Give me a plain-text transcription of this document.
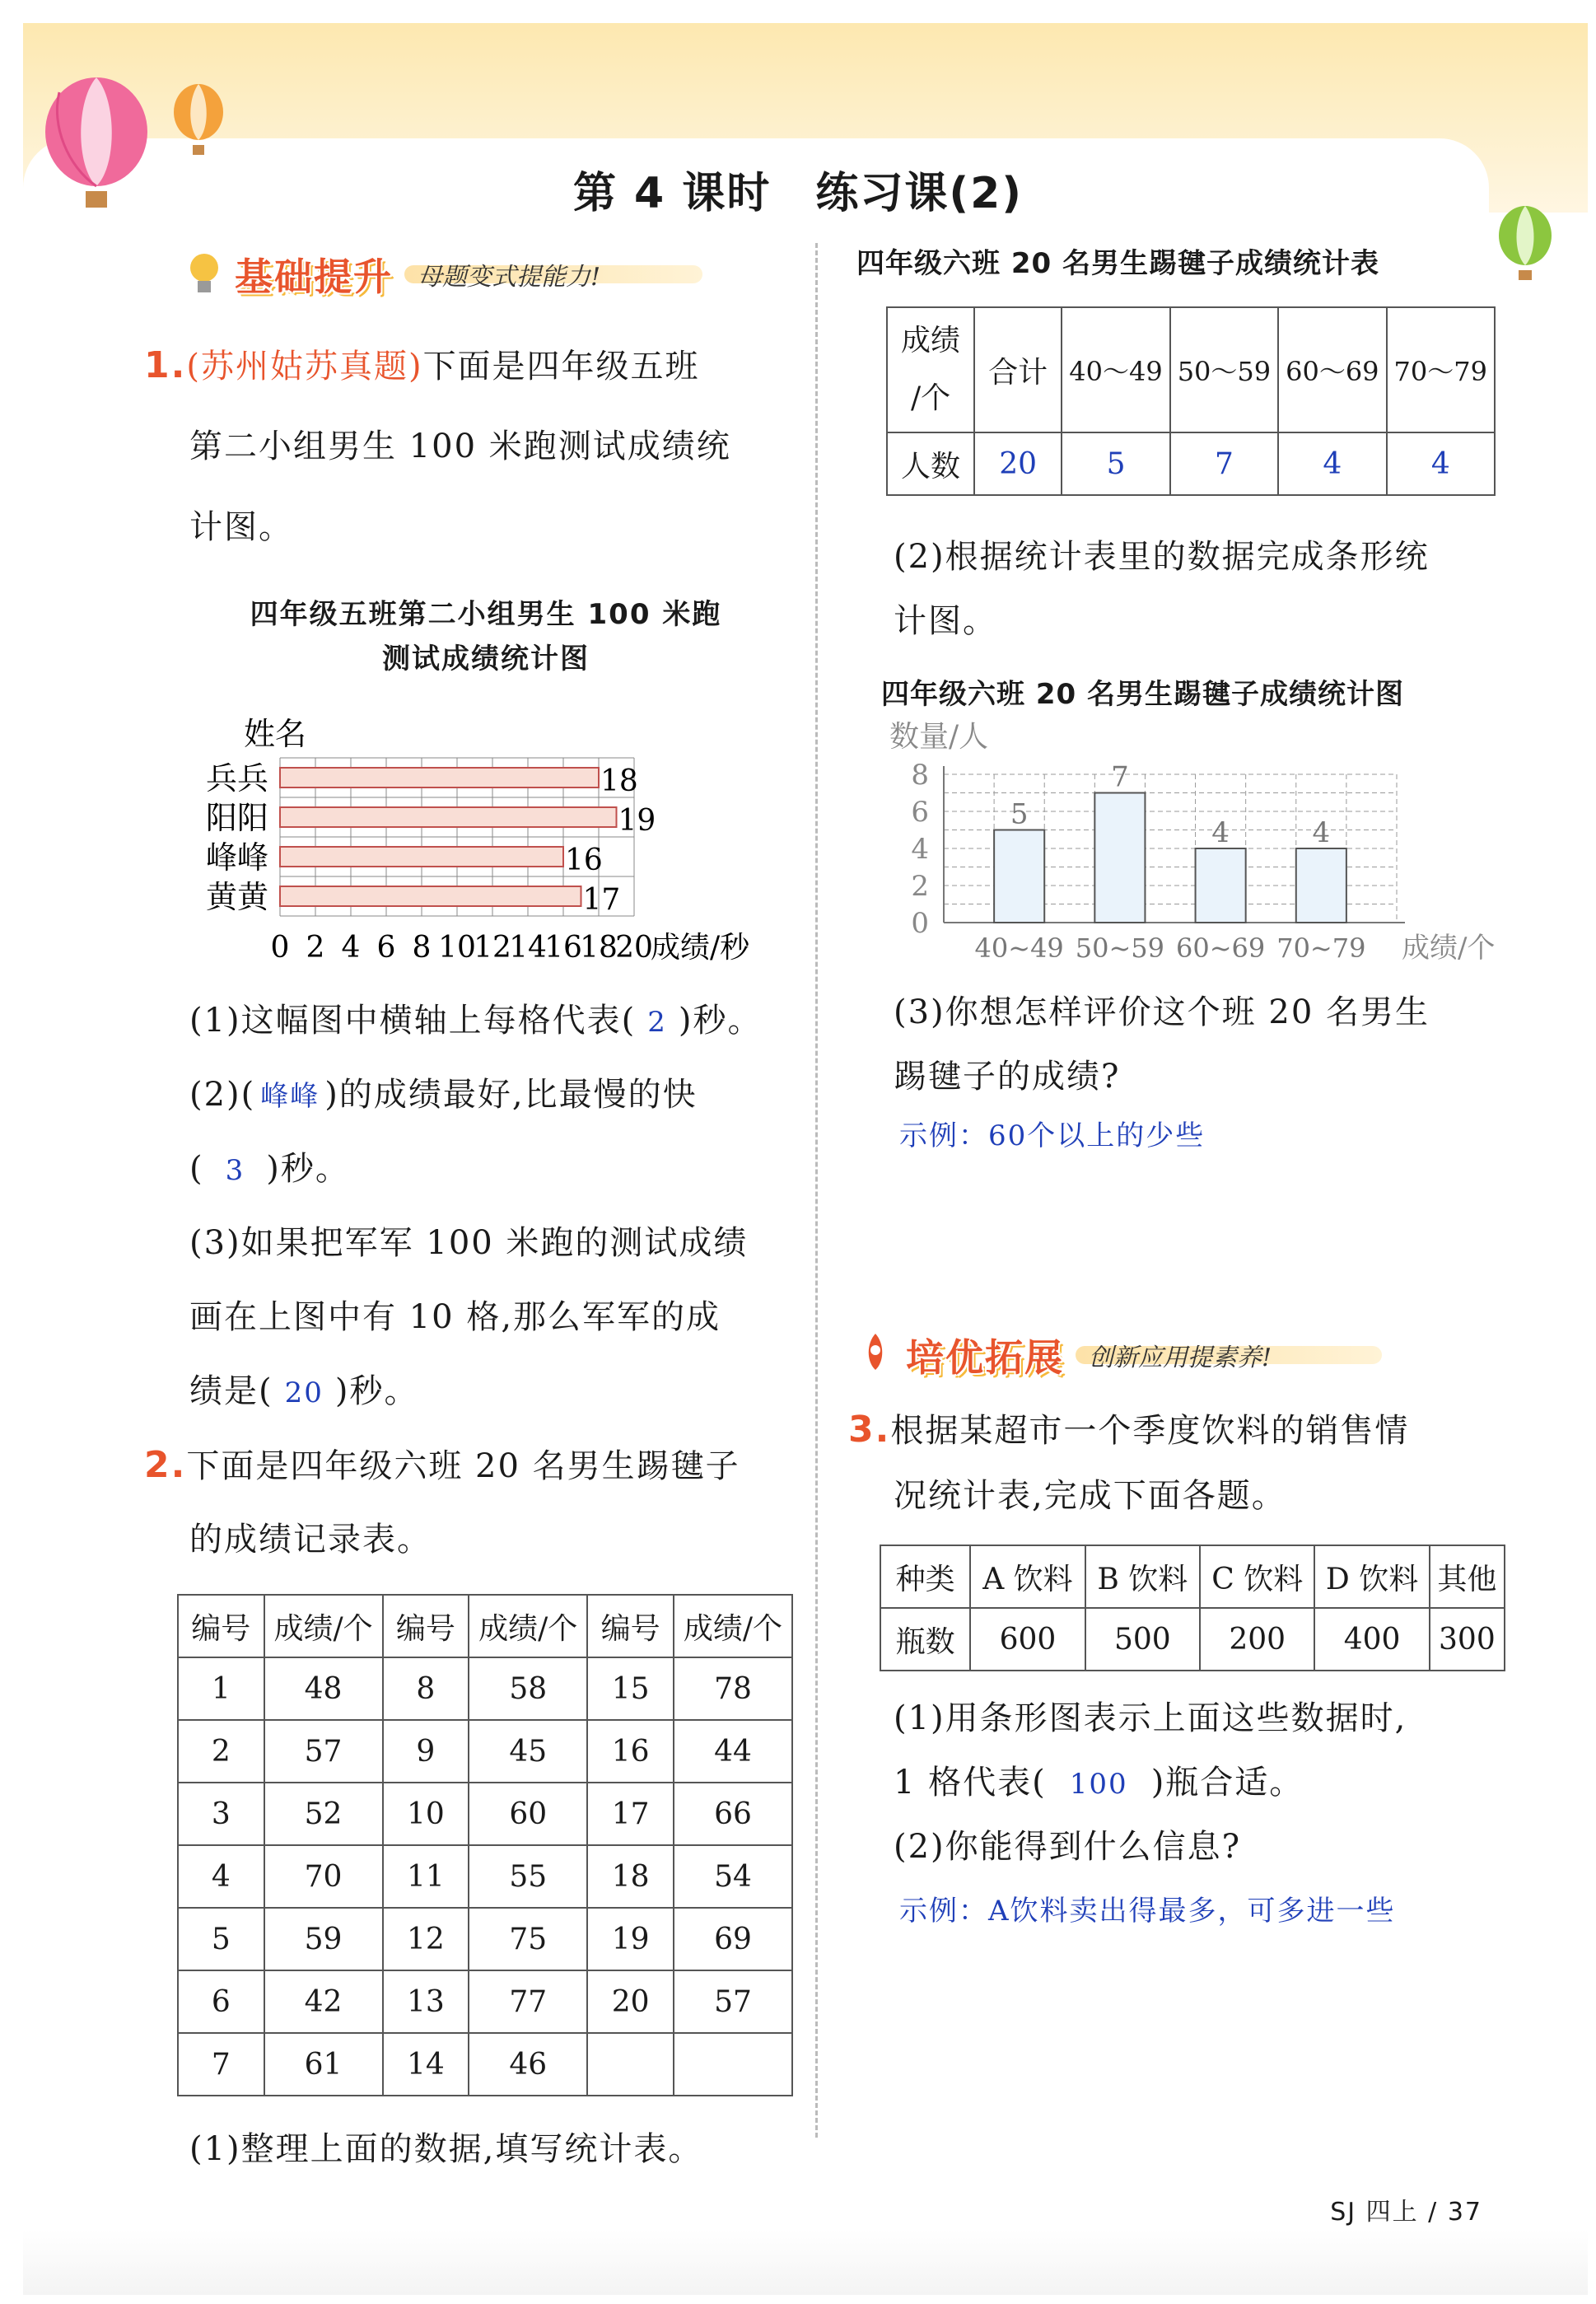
第 4 课时　练习课(2)
基础提升	母题变式提能力!
1.(苏州姑苏真题)下面是四年级五班
第二小组男生 100 米跑测试成绩统
计图。
四年级五班第二小组男生 100 米跑
测试成绩统计图
姓名
兵兵	18
阳阳	19
峰峰	16
黄黄	17
0 2 4 6 8 10
12
14
16
18
20
成绩/秒
(1)这幅图中横轴上每格代表( 2 )秒。
(2)( 峰峰 )的成绩最好,比最慢的快
( 3 )秒。
(3)如果把军军 100 米跑的测试成绩
画在上图中有 10 格,那么军军的成
绩是( 20 )秒。
2.下面是四年级六班 20 名男生踢毽子
的成绩记录表。
编号	成绩/个	编号	成绩/个	编号	成绩/个
1	48	8	58	15	78
2	57	9	45	16	44
3	52	10	60	17	66
4	70	11	55	18	54
5	59	12	75	19	69
6	42	13	77	20	57
7	61	14	46		
(1)整理上面的数据,填写统计表。
四年级六班 20 名男生踢毽子成绩统计表
成绩
/个	合计	40～49	50～59	60～69	70～79
人数	20	5	7	4	4
(2)根据统计表里的数据完成条形统
计图。
四年级六班 20 名男生踢毽子成绩统计图
数量/人
0
2
4
6
8
5
40~49
7
50~59
4
60~69
4
70~79 成绩/个
(3)你想怎样评价这个班 20 名男生
踢毽子的成绩?
示例：60个以上的少些
培优拓展	创新应用提素养!
3.根据某超市一个季度饮料的销售情
况统计表,完成下面各题。
种类	A 饮料	B 饮料	C 饮料	D 饮料	其他
瓶数	600	500	200	400	300
(1)用条形图表示上面这些数据时,
1 格代表( 100 )瓶合适。
(2)你能得到什么信息?
示例：A饮料卖出得最多，可多进一些
SJ 四上 / 37
